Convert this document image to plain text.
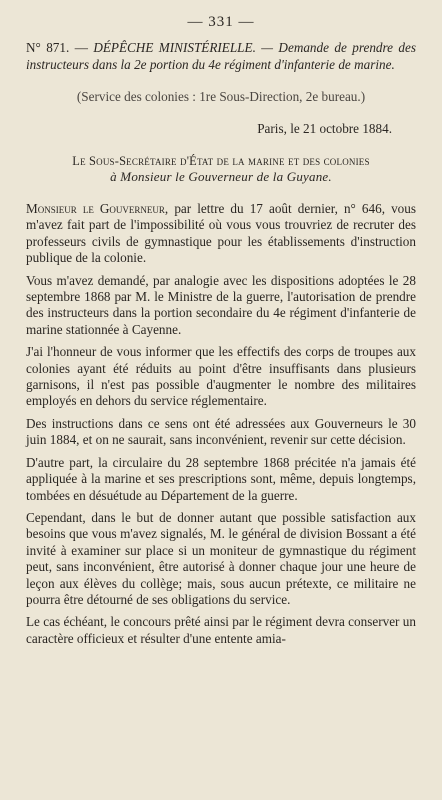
— 331 —
N° 871. — DÉPÊCHE MINISTÉRIELLE. — Demande de prendre des instructeurs dans la 2e portion du 4e régiment d'infanterie de marine.
(Service des colonies : 1re Sous-Direction, 2e bureau.)
Paris, le 21 octobre 1884.
Le Sous-Secrétaire d'État de la marine et des colonies
à Monsieur le Gouverneur de la Guyane.

Monsieur le Gouverneur, par lettre du 17 août dernier, n° 646, vous m'avez fait part de l'impossibilité où vous vous trouvriez de recruter des professeurs civils de gymnastique pour les établissements d'instruction publique de la colonie.

Vous m'avez demandé, par analogie avec les dispositions adoptées le 28 septembre 1868 par M. le Ministre de la guerre, l'autorisation de prendre des instructeurs dans la portion secondaire du 4e régiment d'infanterie de marine stationnée à Cayenne.

J'ai l'honneur de vous informer que les effectifs des corps de troupes aux colonies ayant été réduits au point d'être insuffisants dans plusieurs garnisons, il n'est pas possible d'augmenter le nombre des militaires employés en dehors du service réglementaire.

Des instructions dans ce sens ont été adressées aux Gouverneurs le 30 juin 1884, et on ne saurait, sans inconvénient, revenir sur cette décision.

D'autre part, la circulaire du 28 septembre 1868 précitée n'a jamais été appliquée à la marine et ses prescriptions sont, même, depuis longtemps, tombées en désuétude au Département de la guerre.

Cependant, dans le but de donner autant que possible satisfaction aux besoins que vous m'avez signalés, M. le général de division Bossant a été invité à examiner sur place si un moniteur de gymnastique du régiment peut, sans inconvénient, être autorisé à donner chaque jour une heure de leçon aux élèves du collège; mais, sous aucun prétexte, ce militaire ne pourra être détourné de ses obligations du service.

Le cas échéant, le concours prêté ainsi par le régiment devra conserver un caractère officieux et résulter d'une entente amia-
